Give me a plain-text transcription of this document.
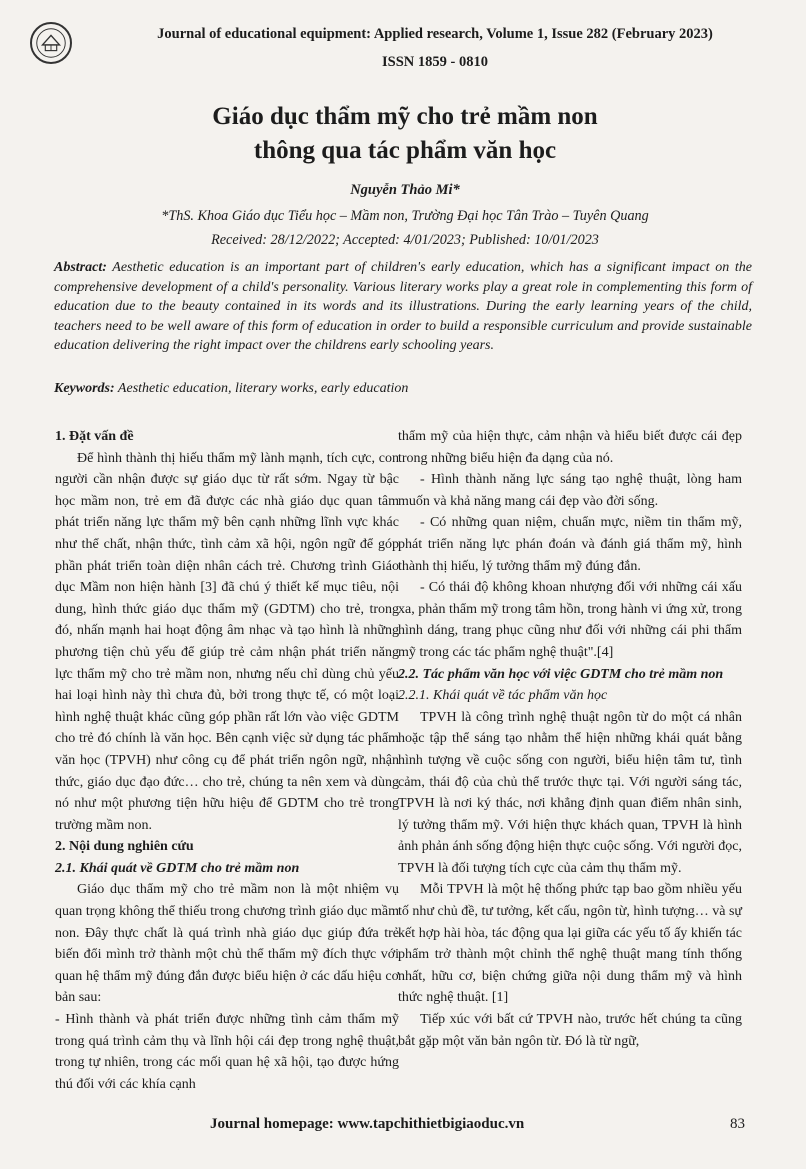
Journal of educational equipment: Applied research, Volume 1, Issue 282 (February 2023)
ISSN 1859 - 0810
Giáo dục thẩm mỹ cho trẻ mầm non
thông qua tác phẩm văn học
Nguyễn Thảo Mi*
*ThS. Khoa Giáo dục Tiểu học – Mầm non, Trường Đại học Tân Trào – Tuyên Quang
Received: 28/12/2022; Accepted: 4/01/2023; Published: 10/01/2023
Abstract: Aesthetic education is an important part of children's early education, which has a significant impact on the comprehensive development of a child's personality. Various literary works play a great role in complementing this form of education due to the beauty contained in its words and its illustrations. During the early learning years of the child, teachers need to be well aware of this form of education in order to build a responsible curriculum and provide sustainable education delivering the right impact over the childrens early schooling years.
Keywords: Aesthetic education, literary works, early education

1. Đặt vấn đề

Để hình thành thị hiếu thẩm mỹ lành mạnh, tích cực, con người cần nhận được sự giáo dục từ rất sớm. Ngay từ bậc học mầm non, trẻ em đã được các nhà giáo dục quan tâm phát triển năng lực thẩm mỹ bên cạnh những lĩnh vực khác như thể chất, nhận thức, tình cảm xã hội, ngôn ngữ để góp phần phát triển toàn diện nhân cách trẻ. Chương trình Giáo dục Mầm non hiện hành [3] đã chú ý thiết kế mục tiêu, nội dung, hình thức giáo dục thẩm mỹ (GDTM) cho trẻ, trong đó, nhấn mạnh hai hoạt động âm nhạc và tạo hình là những phương tiện chủ yếu để giúp trẻ cảm nhận phát triển năng lực thẩm mỹ cho trẻ mầm non, nhưng nếu chỉ dùng chủ yếu hai loại hình này thì chưa đủ, bởi trong thực tế, có một loại hình nghệ thuật khác cũng góp phần rất lớn vào việc GDTM cho trẻ đó chính là văn học. Bên cạnh việc sử dụng tác phẩm văn học (TPVH) như công cụ để phát triển ngôn ngữ, nhận thức, giáo dục đạo đức… cho trẻ, chúng ta nên xem và dùng nó như một phương tiện hữu hiệu để GDTM cho trẻ trong trường mầm non.

2. Nội dung nghiên cứu

2.1. Khái quát về GDTM cho trẻ mầm non

Giáo dục thẩm mỹ cho trẻ mầm non là một nhiệm vụ quan trọng không thể thiếu trong chương trình giáo dục mầm non. Đây thực chất là quá trình nhà giáo dục giúp đứa trẻ biến đổi mình trở thành một chủ thể thẩm mỹ đích thực với quan hệ thẩm mỹ đúng đắn được biểu hiện ở các dấu hiệu cơ bản sau:

- Hình thành và phát triển được những tình cảm thẩm mỹ trong quá trình cảm thụ và lĩnh hội cái đẹp trong nghệ thuật, trong tự nhiên, trong các mối quan hệ xã hội, tạo được hứng thú đối với các khía cạnh

thẩm mỹ của hiện thực, cảm nhận và hiểu biết được cái đẹp trong những biểu hiện đa dạng của nó.

- Hình thành năng lực sáng tạo nghệ thuật, lòng ham muốn và khả năng mang cái đẹp vào đời sống.

- Có những quan niệm, chuẩn mực, niềm tin thẩm mỹ, phát triển năng lực phán đoán và đánh giá thẩm mỹ, hình thành thị hiếu, lý tưởng thẩm mỹ đúng đắn.

- Có thái độ không khoan nhượng đối với những cái xấu xa, phản thẩm mỹ trong tâm hồn, trong hành vi ứng xử, trong hình dáng, trang phục cũng như đối với những cái phi thẩm mỹ trong các tác phẩm nghệ thuật".[4]

2.2. Tác phẩm văn học với việc GDTM cho trẻ mầm non

2.2.1. Khái quát về tác phẩm văn học

TPVH là công trình nghệ thuật ngôn từ do một cá nhân hoặc tập thể sáng tạo nhằm thể hiện những khái quát bằng hình tượng về cuộc sống con người, biểu hiện tâm tư, tình cảm, thái độ của chủ thể trước thực tại. Với người sáng tác, TPVH là nơi ký thác, nơi khẳng định quan điểm nhân sinh, lý tưởng thẩm mỹ. Với hiện thực khách quan, TPVH là hình ảnh phản ánh sống động hiện thực cuộc sống. Với người đọc, TPVH là đối tượng tích cực của cảm thụ thẩm mỹ.

Mỗi TPVH là một hệ thống phức tạp bao gồm nhiều yếu tố như chủ đề, tư tưởng, kết cấu, ngôn từ, hình tượng… và sự kết hợp hài hòa, tác động qua lại giữa các yếu tố ấy khiến tác phẩm trở thành một chỉnh thể nghệ thuật mang tính thống nhất, hữu cơ, biện chứng giữa nội dung thẩm mỹ và hình thức nghệ thuật. [1]

Tiếp xúc với bất cứ TPVH nào, trước hết chúng ta cũng bắt gặp một văn bản ngôn từ. Đó là từ ngữ,

Journal homepage: www.tapchithietbigiaoduc.vn	83
